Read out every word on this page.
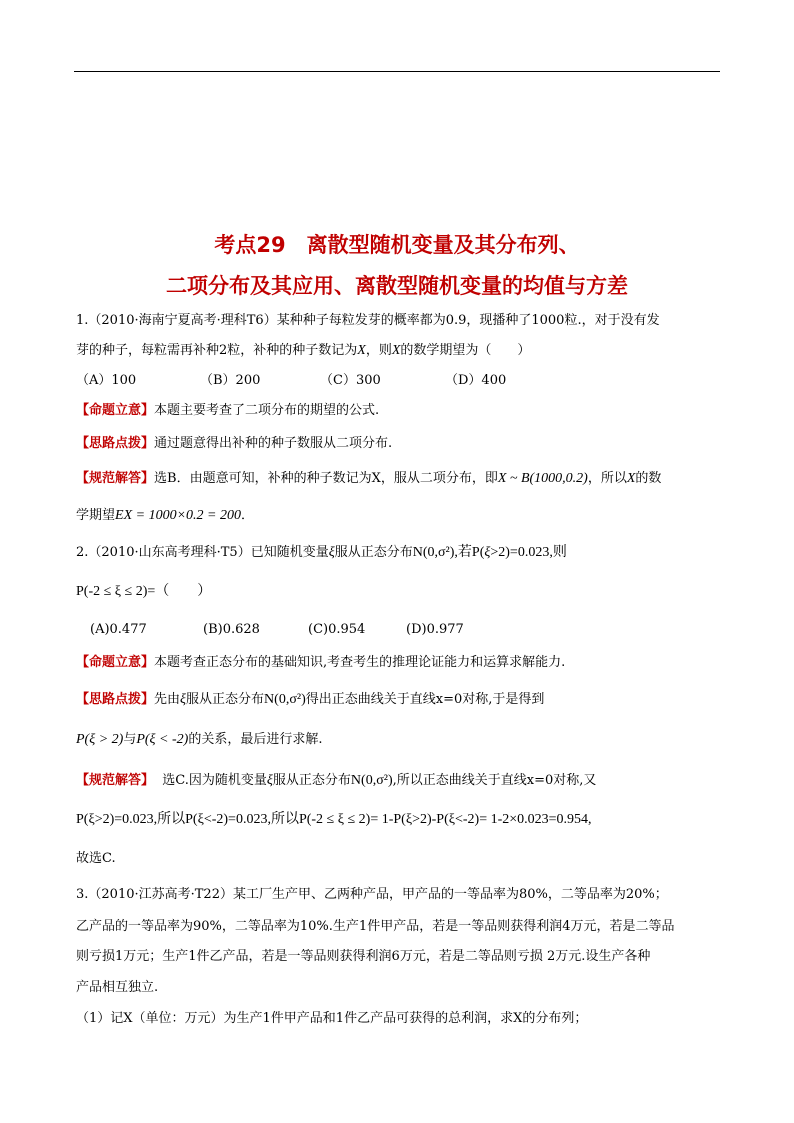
考点29　离散型随机变量及其分布列、
二项分布及其应用、离散型随机变量的均值与方差
1.（2010·海南宁夏高考·理科T6）某种种子每粒发芽的概率都为0.9，现播种了1000粒.，对于没有发
芽的种子，每粒需再补种2粒，补种的种子数记为X，则X的数学期望为（　　）
（A）100	（B）200	（C）300	（D）400
【命题立意】本题主要考查了二项分布的期望的公式.
【思路点拨】通过题意得出补种的种子数服从二项分布.
【规范解答】选B．由题意可知，补种的种子数记为X，服从二项分布，即X ~ B(1000,0.2)，所以X的数
学期望EX = 1000×0.2 = 200．
2.（2010·山东高考理科·T5）已知随机变量ξ服从正态分布N(0,σ²),若P(ξ>2)=0.023,则
P(-2 ≤ ξ ≤ 2)=（　　）
(A)0.477	(B)0.628	(C)0.954	(D)0.977
【命题立意】本题考查正态分布的基础知识,考查考生的推理论证能力和运算求解能力.
【思路点拨】先由ξ服从正态分布N(0,σ²)得出正态曲线关于直线x=0对称,于是得到
P(ξ > 2)与P(ξ < -2)的关系，最后进行求解.
【规范解答】  选C.因为随机变量ξ服从正态分布N(0,σ²),所以正态曲线关于直线x=0对称,又
P(ξ>2)=0.023,所以P(ξ<-2)=0.023,所以P(-2 ≤ ξ ≤ 2)= 1-P(ξ>2)-P(ξ<-2)= 1-2×0.023=0.954,
故选C.
3.（2010·江苏高考·T22）某工厂生产甲、乙两种产品，甲产品的一等品率为80%，二等品率为20%；
乙产品的一等品率为90%，二等品率为10%.生产1件甲产品，若是一等品则获得利润4万元，若是二等品
则亏损1万元；生产1件乙产品，若是一等品则获得利润6万元，若是二等品则亏损 2万元.设生产各种
产品相互独立.
（1）记X（单位：万元）为生产1件甲产品和1件乙产品可获得的总利润，求X的分布列；
